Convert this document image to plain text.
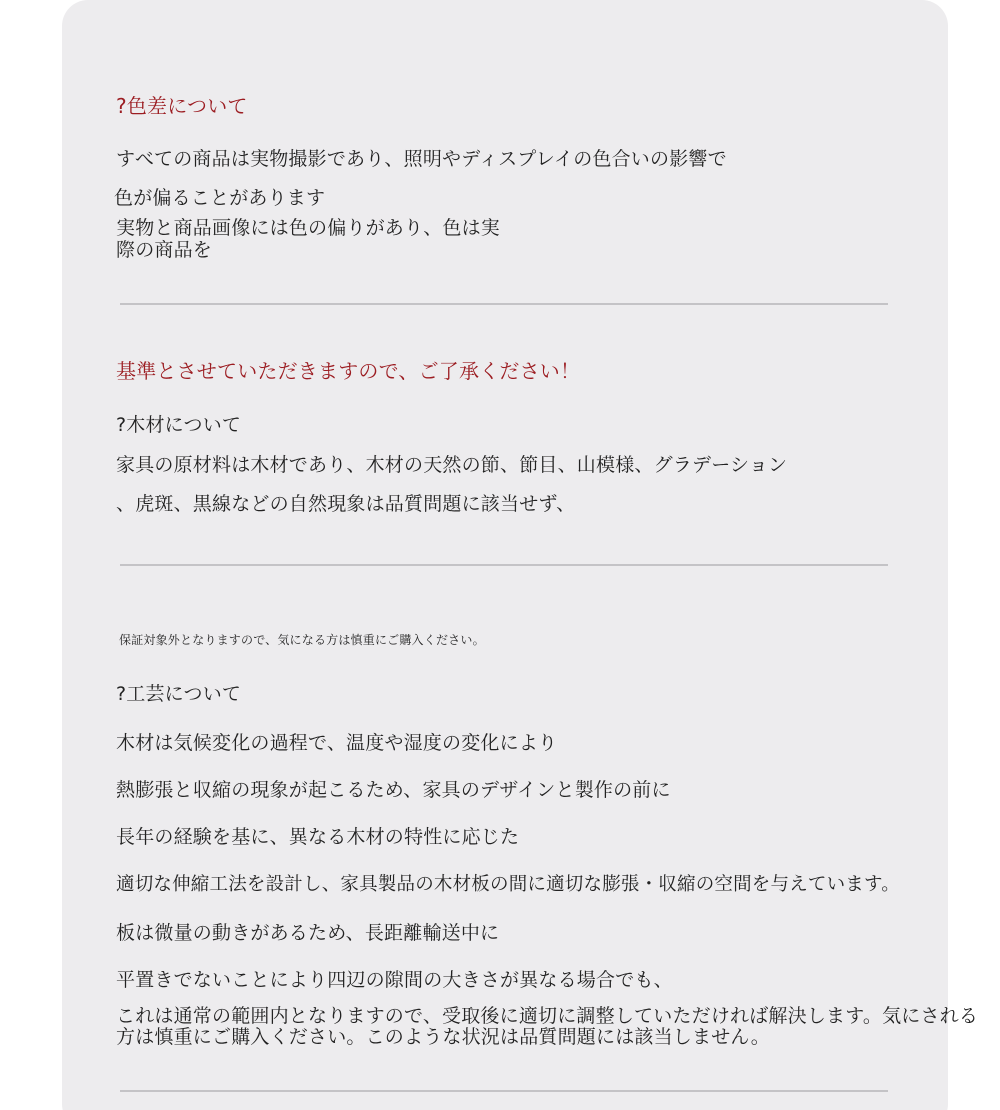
?色差について

すべての商品は実物撮影であり、照明やディスプレイの色合いの影響で

色が偏ることがあります

実物と商品画像には色の偏りがあり、色は実際の商品を

基準とさせていただきますので、ご了承ください！

?木材について

家具の原材料は木材であり、木材の天然の節、節目、山模様、グラデーション

、虎斑、黒線などの自然現象は品質問題に該当せず、

保証対象外となりますので、気になる方は慎重にご購入ください。

?工芸について

木材は気候変化の過程で、温度や湿度の変化により

熱膨張と収縮の現象が起こるため、家具のデザインと製作の前に

長年の経験を基に、異なる木材の特性に応じた

適切な伸縮工法を設計し、家具製品の木材板の間に適切な膨張・収縮の空間を与えています。

板は微量の動きがあるため、長距離輸送中に

平置きでないことにより四辺の隙間の大きさが異なる場合でも、

これは通常の範囲内となりますので、受取後に適切に調整していただければ解決します。気にされる方は慎重にご購入ください。このような状況は品質問題には該当しません。
